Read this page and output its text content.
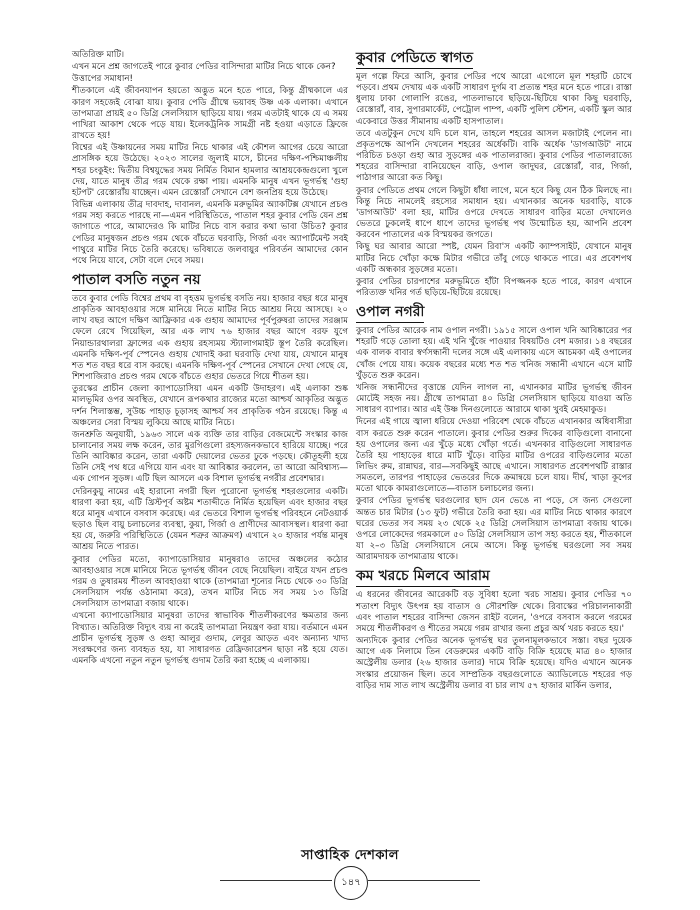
অতিরিক্ত মাটি।

এখন মনে প্রশ্ন জাগতেই পারে কুবার পেডির বাসিন্দারা মাটির নিচে থাকে কেন?

উত্তাপের সমাধান!

শীতকালে এই জীবনযাপন হয়তো অদ্ভুত মনে হতে পারে, কিন্তু গ্রীষ্মকালে এর কারণ সহজেই বোঝা যায়। কুবার পেডি গ্রীষ্মে ভয়াবহ উষ্ণ এক এলাকা। এখানে তাপমাত্রা প্রায়ই ৫০ ডিগ্রি সেলসিয়াস ছাড়িয়ে যায়। গরম এতটাই থাকে যে এ সময় পাখিরা আকাশ থেকে পড়ে যায়। ইলেকট্রনিক সামগ্রী নষ্ট হওয়া এড়াতে ফ্রিজে রাখতে হয়!

বিশ্বের এই উষ্ণায়নের সময় মাটির নিচে থাকার এই কৌশল আগের চেয়ে আরো প্রাসঙ্গিক হয়ে উঠেছে। ২০২৩ সালের জুলাই মাসে, চীনের দক্ষিণ-পশ্চিমাঞ্চলীয় শহর চংকুইং: দ্বিতীয় বিশ্বযুদ্ধের সময় নির্মিত বিমান হামলার আশ্রয়কেন্দ্রগুলো খুলে দেয়, যাতে মানুষ তীব্র গরম থেকে রক্ষা পায়। এমনকি মানুষ এখন ভূগর্ভস্থ 'গুহা হটপট' রেস্তোরাঁয় যাচ্ছেন। এমন রেস্তোরাঁ সেখানে বেশ জনপ্রিয় হয়ে উঠেছে।

বিভিন্ন এলাকায় তীব্র দাবদাহ, দাবানল, এমনকি মরুভূমির অ্যাকটিক্স যেখানে প্রচণ্ড গরম সহ্য করতে পারছে না—এমন পরিস্থিতিতে, পাতাল শহর কুবার পেডি যেন প্রশ্ন জাগাতে পারে, আমাদেরও কি মাটির নিচে বাস করার কথা ভাবা উচিত? কুবার পেডির মানুষজন প্রচণ্ড গরম থেকে বাঁচতে ঘরবাড়ি, গির্জা এবং অ্যাপার্টমেন্ট সবই পাথুরে মাটির নিচে তৈরি করেছে। ভবিষ্যতে জলবায়ুর পরিবর্তন আমাদের কোন পথে নিয়ে যাবে, সেটা বলে দেবে সময়।

পাতাল বসতি নতুন নয়

তবে কুবার পেডি বিশ্বের প্রথম বা বৃহত্তম ভূগর্ভস্থ বসতি নয়। হাজার বছর ধরে মানুষ প্রাকৃতিক আবহাওয়ার সঙ্গে মানিয়ে নিতে মাটির নিচে আশ্রয় নিয়ে আসছে। ২০ লাখ বছর আগে দক্ষিণ আফ্রিকার এক গুহায় আমাদের পূর্বপুরুষরা তাদের সরঞ্জাম ফেলে রেখে গিয়েছিল, আর এক লাখ ৭৬ হাজার বছর আগে বরফ যুগে নিয়ান্ডারথালরা ফ্রান্সের এক গুহায় রহস্যময় স্ট্যালাগমাইট স্তূপ তৈরি করেছিল। এমনকি দক্ষিণ-পূর্ব স্পেনেও গুহায় খোদাই করা ঘরবাড়ি দেখা যায়, যেখানে মানুষ শত শত বছর ধরে বাস করছে। এমনকি দক্ষিণ-পূর্ব স্পেনের সেখানে দেখা গেছে যে, শিশপাজিরাও প্রচণ্ড গরম থেকে বাঁচতে গুহার ভেতরে গিয়ে শীতল হয়।

তুরস্কের প্রাচীন জেলা ক্যাপাডোসিয়া এমন একটি উদাহরণ। এই এলাকা শুষ্ক মালভূমির ওপর অবস্থিত, যেখানে রূপকথার রাজ্যের মতো আশ্চর্য আকৃতির অদ্ভুত দর্শন শিলাস্তম্ভ, সুউচ্চ পাহাড় চূড়াসহ আশ্চর্য সব প্রাকৃতিক গঠন রয়েছে। কিন্তু এ অঞ্চলের সেরা বিস্ময় লুকিয়ে আছে মাটির নিচে।

জনশ্রুতি অনুযায়ী, ১৯৬৩ সালে এক ব্যক্তি তার বাড়ির বেজমেন্টে সংস্কার কাজ চালানোর সময় লক্ষ করেন, তার মুরগিগুলো রহস্যজনকভাবে হারিয়ে যাচ্ছে। পরে তিনি আবিষ্কার করেন, তারা একটি দেয়ালের ভেতর ঢুকে পড়ছে। কৌতূহলী হয়ে তিনি সেই পথ ধরে এগিয়ে যান এবং যা আবিষ্কার করলেন, তা আরো অবিশ্বাস্য—এক গোপন সুড়ঙ্গ। এটি ছিল আসলে এক বিশাল ভূগর্ভস্থ নগরীর প্রবেশদ্বার।

দেরিনকুয়ু নামের এই হারানো নগরী ছিল পুরোনো ভূগর্ভস্থ শহরগুলোর একটি। ধারণা করা হয়, এটি খ্রিস্টপূর্ব অষ্টম শতাব্দীতে নির্মিত হয়েছিল এবং হাজার বছর ধরে মানুষ এখানে বসবাস করেছে। এর ভেতরে বিশাল ভূগর্ভস্থ পরিবহনে নেটওয়ার্ক ছড়াও ছিল বায়ু চলাচলের ব্যবস্থা, কুয়া, গির্জা ও প্রাণীদের আবাসস্থল। ধারণা করা হয় যে, জরুরি পরিস্থিতিতে (যেমন শত্রুর আক্রমণ) এখানে ২০ হাজার পর্যন্ত মানুষ আশ্রয় নিতে পারত।

কুবার পেডির মতো, ক্যাপাডোসিয়ার মানুষরাও তাদের অঞ্চলের কঠোর আবহাওয়ার সঙ্গে মানিয়ে নিতে ভূগর্ভস্থ জীবন বেছে নিয়েছিল। বাইরে যখন প্রচণ্ড গরম ও তুষারময় শীতল আবহাওয়া থাকে (তাপমাত্রা শূন্যের নিচে থেকে ৩০ ডিগ্রি সেলসিয়াস পর্যন্ত ওঠানামা করে), তখন মাটির নিচে সব সময় ১৩ ডিগ্রি সেলসিয়াস তাপমাত্রা বজায় থাকে।

এখনো ক্যাপাডোসিয়ার মানুষরা তাদের স্বাভাবিক শীতলীকরণের ক্ষমতার জন্য বিখ্যাত। অতিরিক্ত বিদ্যুৎ ব্যয় না করেই তাপমাত্রা নিয়ন্ত্রণ করা যায়। বর্তমানে এমন প্রাচীন ভূগর্ভস্থ সুড়ঙ্গ ও গুহা আলুর গুদাম, লেবুর আড়ত এবং অন্যান্য খাদ্য সংরক্ষণের জন্য ব্যবহৃত হয়, যা সাধারণত রেফ্রিজারেশন ছাড়া নষ্ট হয়ে যেত। এমনকি এখনো নতুন নতুন ভূগর্ভস্থ গুদাম তৈরি করা হচ্ছে এ এলাকায়।

কুবার পেডিতে স্বাগত

মূল গল্পে ফিরে আসি, কুবার পেডির পথে আরো এগোলে মূল শহরটি চোখে পড়বে। প্রথম দেখায় এক একটি সাধারণ দুর্গম বা প্রত্যন্ত শহর মনে হতে পারে। রাস্তা ধুলায় ঢাকা গোলাপি রঙের, পাতলাভাবে ছড়িয়ে-ছিটিয়ে থাকা কিছু ঘরবাড়ি, রেস্তোরাঁ, বার, সুপারমার্কেট, পেট্রোল পাম্প, একটি পুলিশ স্টেশন, একটি স্কুল আর একেবারে উত্তর সীমানায় একটি হাসপাতাল।

তবে এতটুকুন দেখে যদি চলে যান, তাহলে শহরের আসল মজাটাই পেলেন না। প্রকৃতপক্ষে আপনি দেখলেন শহরের অর্ধেকটি। বাকি অর্ধেক 'ডাগআউট' নামে পরিচিত চওড়া গুহা আর সুড়ঙ্গের এক পাতালরাজ্য। কুবার পেডির পাতালরাজ্যে শহরের বাসিন্দারা বানিয়েছেন বাড়ি, ওপাল জাদুঘর, রেস্তোরাঁ, বার, গির্জা, পাঠাগার আরো কত কিছু।

কুবার পেডিতে প্রথম গেলে কিছুটা ধাঁধা লাগে, মনে হবে কিছু যেন ঠিক মিলছে না। কিন্তু নিচে নামলেই রহস্যের সমাধান হয়। এখানকার অনেক ঘরবাড়ি, যাকে 'ডাগআউট' বলা হয়, মাটির ওপরে দেখতে সাধারণ বাড়ির মতো দেখালেও ভেতরে ঢুকলেই ধাপে ধাপে তাদের ভূগর্ভস্থ পথ উন্মোচিত হয়, আপনি প্রবেশ করবেন পাতালের এক বিস্ময়কর জগতে।

কিছু ঘর আবার আরো স্পষ্ট, যেমন রিবা'স একটি ক্যাম্পসাইট, যেখানে মানুষ মাটির নিচে খোঁড়া কক্ষে মিটার গভীরে তাঁবু গেড়ে থাকতে পারে। এর প্রবেশপথ একটি অন্ধকার সুড়ঙ্গের মতো।

কুবার পেডির চারপাশের মরুভূমিতে হাঁটা বিপজ্জনক হতে পারে, কারণ এখানে পরিত্যক্ত খনির গর্ত ছড়িয়ে-ছিটিয়ে রয়েছে।

ওপাল নগরী

কুবার পেডির আরেক নাম ওপাল নগরী। ১৯১৫ সালে ওপাল খনি আবিষ্কারের পর শহরটি গড়ে তোলা হয়। এই খনি খুঁজে পাওয়ার বিষয়টিও বেশ মজার। ১৪ বছরের এক বালক বাবার স্বর্ণসন্ধানী দলের সঙ্গে এই এলাকায় এসে আচমকা এই ওপালের খোঁজ পেয়ে যায়। কয়েক বছরের মধ্যে শত শত খনিজ সন্ধানী এখানে এসে মাটি খুঁড়তে শুরু করেন।

খনিজ সন্ধানীদের বৃত্তান্তে যেদিন লাগল না, এখানকার মাটির ভূগর্ভস্থ জীবন মোটেই সহজ নয়। গ্রীষ্মে তাপমাত্রা ৪০ ডিগ্রি সেলসিয়াস ছাড়িয়ে যাওয়া অতি সাধারণ ব্যাপার। আর এই উষ্ণ দিনগুলোতে আরামে থাকা খুবই মেহমাকুড।

দিনের এই গায়ে জ্বালা ধরিয়ে দেওয়া পরিবেশ থেকে বাঁচতে এখানকার অধিবাসীরা বাস করতে শুরু করেন পাতালে। কুবার পেডির শুরুর দিকের বাড়িগুলো বানানো হয় ওপালের জন্য এর খুঁড়ে মধ্যে খোঁড়া গর্তে। এখনকার বাড়িগুলো সাধারণত তৈরি হয় পাহাড়ের ধারে মাটি খুঁড়ে। বাড়ির মাটির ওপরের বাড়িগুলোর মতো লিভিং রুম, রান্নাঘর, বার—সবকিছুই আছে এখানে। সাধারণত প্রবেশপথটি রাস্তার সমতলে, তারপর পাহাড়ের ভেতরের দিকে ক্রমান্বয়ে চলে যায়। দীর্ঘ, খাড়া কূপের মতো থাকে কামরাগুলোতে—বাতাস চলাচলের জন্য।

কুবার পেডির ভূগর্ভস্থ ঘরগুলোর ছাদ যেন ভেঙে না পড়ে, সে জন্য সেগুলো অন্তত চার মিটার (১৩ ফুট) গভীরে তৈরি করা হয়। এর মাটির নিচে থাকার কারণে ঘরের ভেতর সব সময় ২৩ থেকে ২৫ ডিগ্রি সেলসিয়াস তাপমাত্রা বজায় থাকে। ওপরে লোকেদের গরমকালে ৫০ ডিগ্রি সেলসিয়াস তাপ সহ্য করতে হয়, শীতকালে যা ২–৩ ডিগ্রি সেলসিয়াসে নেমে আসে। কিন্তু ভূগর্ভস্থ ঘরগুলো সব সময় আরামদায়ক তাপমাত্রায় থাকে।

কম খরচে মিলবে আরাম

এ ধরনের জীবনের আরেকটি বড় সুবিধা হলো খরচ সাশ্রয়। কুবার পেডির ৭০ শতাংশ বিদ্যুৎ উৎপন্ন হয় বাতাস ও সৌরশক্তি থেকে। রিবাস্কের পরিচালনাকারী এবং পাতাল শহরের বাসিন্দা জেসন রাইট বলেন, 'ওপরে বসবাস করলে গরমের সময়ে শীতলীকরণ ও শীতের সময়ে গরম রাখার জন্য প্রচুর অর্থ খরচ করতে হয়।'

অন্যদিকে কুবার পেডির অনেক ভূগর্ভস্থ ঘর তুলনামূলকভাবে সস্তা। বছর দুয়েক আগে এক নিলামে তিন বেডরুমের একটি বাড়ি বিক্রি হয়েছে মাত্র ৪০ হাজার অস্ট্রেলীয় ডলার (২৬ হাজার ডলার) দামে বিক্রি হয়েছে। যদিও এখানে অনেক সংস্কার প্রয়োজন ছিল। তবে সাম্প্রতিক বছরগুলোতে অ্যাডিলেডে শহরের গড় বাড়ির দাম সাত লাখ অস্ট্রেলীয় ডলার বা চার লাখ ৫৭ হাজার মার্কিন ডলার,

সাপ্তাহিক দেশকাল
১৪৭
